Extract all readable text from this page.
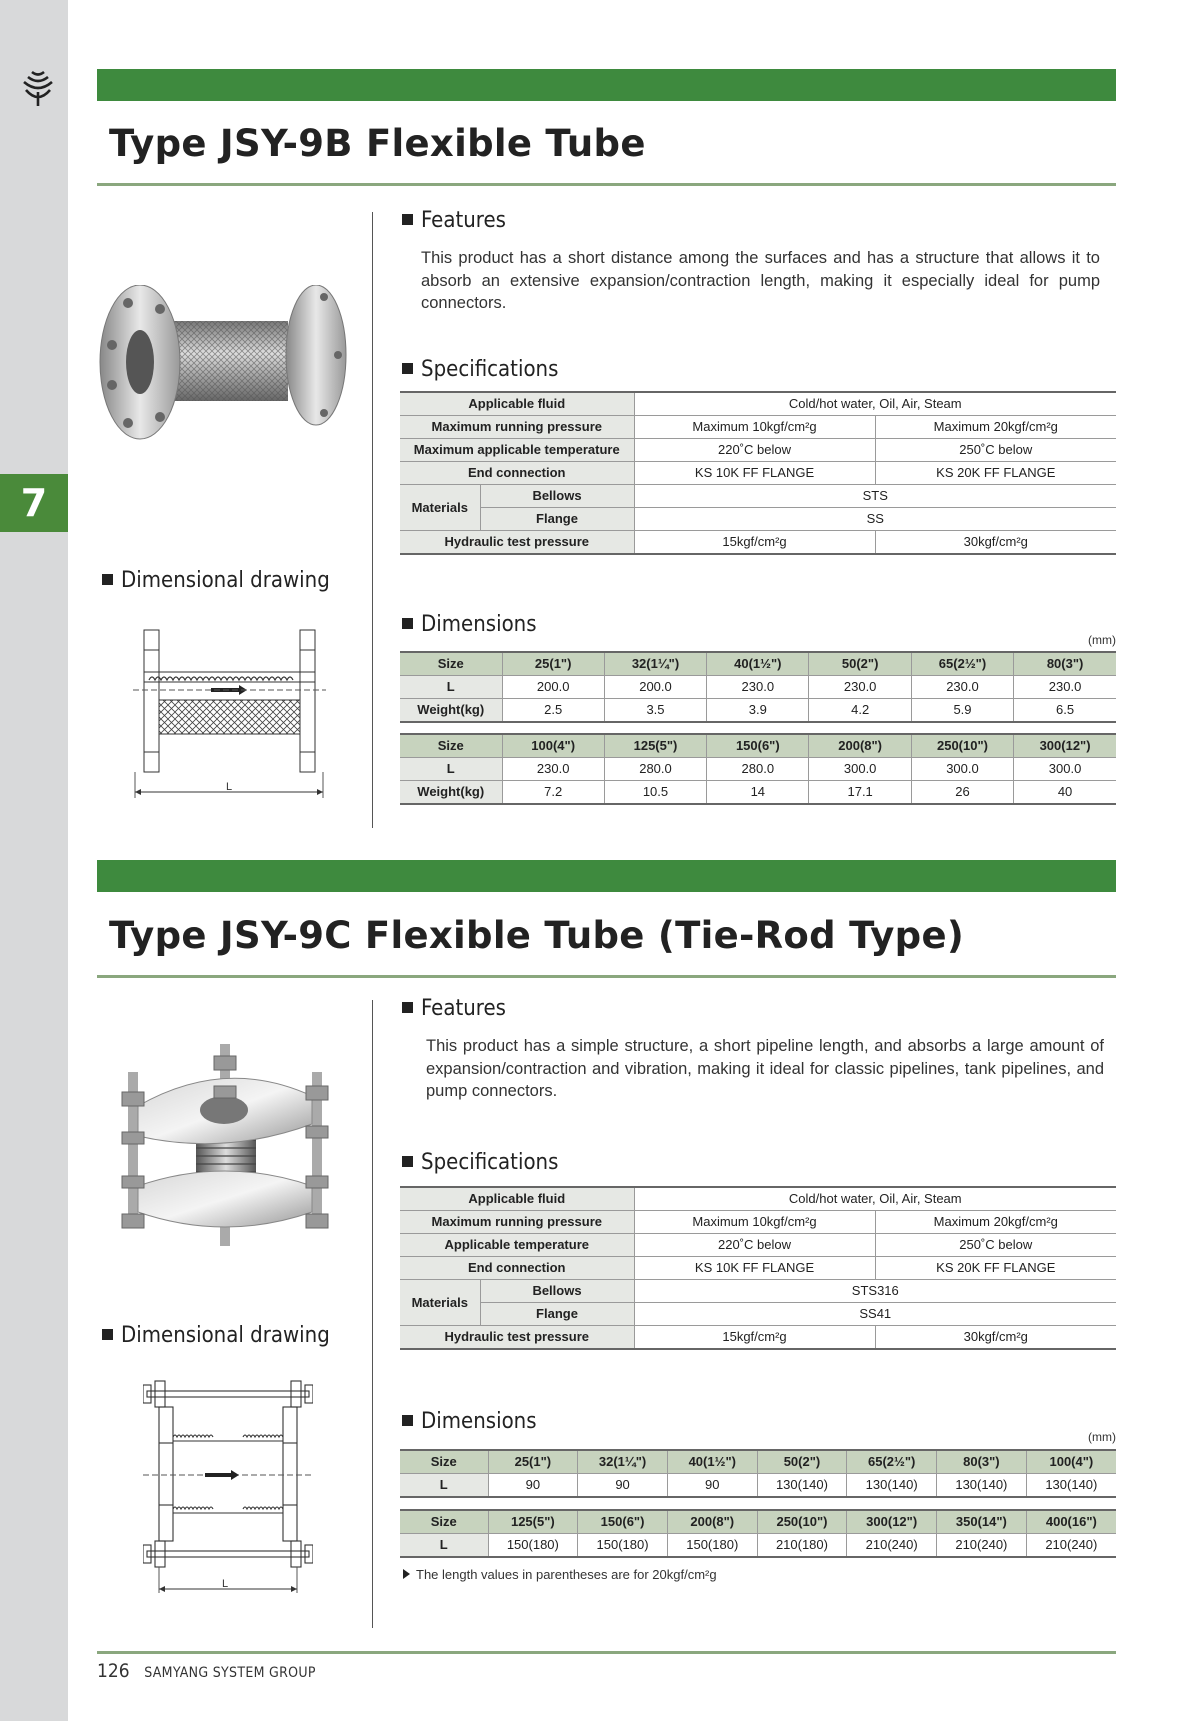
7
Type JSY-9B Flexible Tube
Dimensional drawing
L
Features
This product has a short distance among the surfaces and has a structure that allows it to absorb an extensive expansion/contraction length, making it especially ideal for pump connectors.
Specifications
Applicable fluid		Cold/hot water, Oil, Air, Steam	
Maximum running pressure		Maximum 10kgf/cm²g	Maximum 20kgf/cm²g
Maximum applicable temperature		220˚C below	250˚C below
End connection		KS 10K FF FLANGE	KS 20K FF FLANGE
Materials	Bellows	STS	
	Flange	SS	
Hydraulic test pressure		15kgf/cm²g	30kgf/cm²g
Dimensions
(mm)
Size	25(1")	32(1¼")	40(1½")	50(2")	65(2½")	80(3")
L	200.0	200.0	230.0	230.0	230.0	230.0
Weight(kg)	2.5	3.5	3.9	4.2	5.9	6.5
Size	100(4")	125(5")	150(6")	200(8")	250(10")	300(12")
L	230.0	280.0	280.0	300.0	300.0	300.0
Weight(kg)	7.2	10.5	14	17.1	26	40
Type JSY-9C Flexible Tube (Tie-Rod Type)
Dimensional drawing
L
Features
This product has a simple structure, a short pipeline length, and absorbs a large amount of expansion/contraction and vibration, making it ideal for classic pipelines, tank pipelines, and pump connectors.
Specifications
Applicable fluid		Cold/hot water, Oil, Air, Steam	
Maximum running pressure		Maximum 10kgf/cm²g	Maximum 20kgf/cm²g
Applicable temperature		220˚C below	250˚C below
End connection		KS 10K FF FLANGE	KS 20K FF FLANGE
Materials	Bellows	STS316	
	Flange	SS41	
Hydraulic test pressure		15kgf/cm²g	30kgf/cm²g
Dimensions
(mm)
Size	25(1")	32(1¼")	40(1½")	50(2")	65(2½")	80(3")	100(4")
L	90	90	90	130(140)	130(140)	130(140)	130(140)
Size	125(5")	150(6")	200(8")	250(10")	300(12")	350(14")	400(16")
L	150(180)	150(180)	150(180)	210(180)	210(240)	210(240)	210(240)
The length values in parentheses are for 20kgf/cm²g
126 SAMYANG SYSTEM GROUP
